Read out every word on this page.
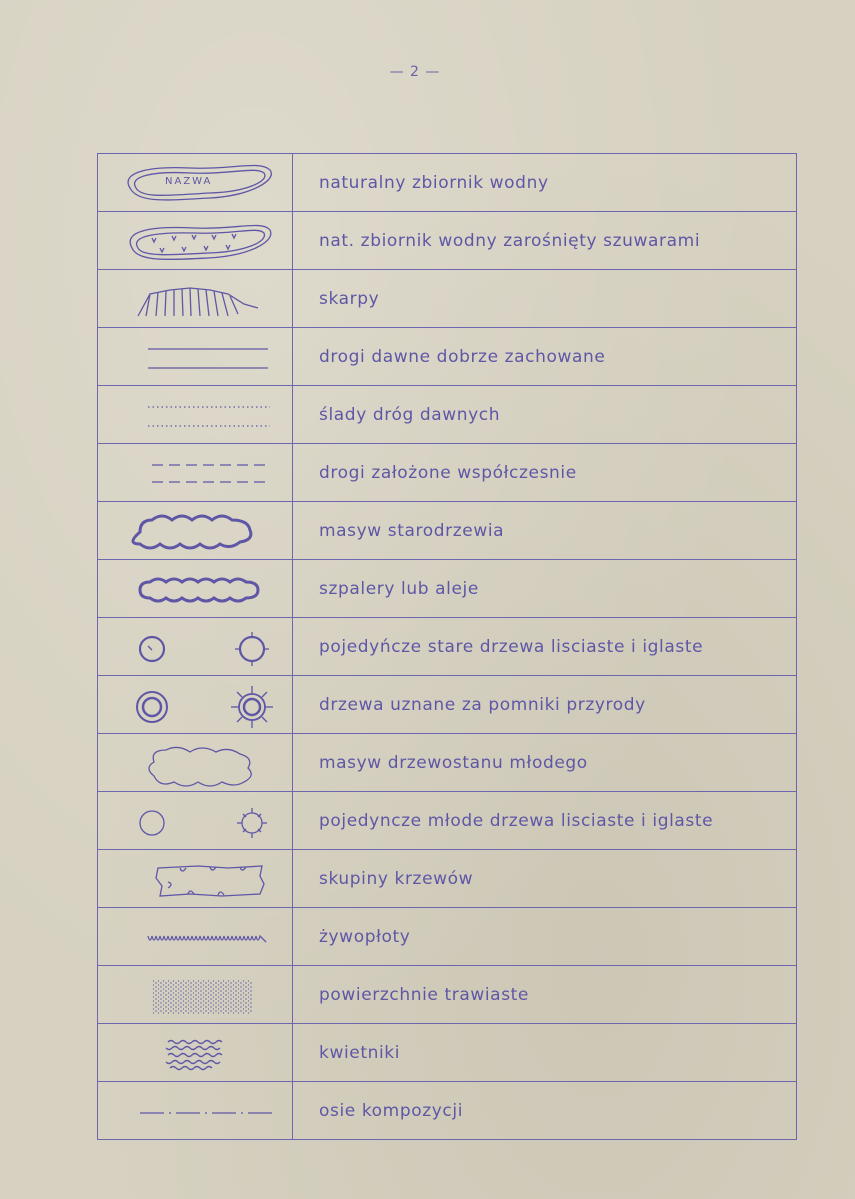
— 2 —
NAZWA	naturalny zbiornik wodny

	nat. zbiornik wodny zarośnięty szuwarami

	skarpy

	drogi dawne dobrze zachowane

	ślady dróg dawnych

	drogi założone współczesnie

	masyw starodrzewia

	szpalery lub aleje

	pojedyńcze stare drzewa lisciaste i iglaste

	drzewa uznane za pomniki przyrody

	masyw drzewostanu młodego

	pojedyncze młode drzewa lisciaste i iglaste

	skupiny krzewów

	żywopłoty

	powierzchnie trawiaste

	kwietniki

	osie kompozycji
